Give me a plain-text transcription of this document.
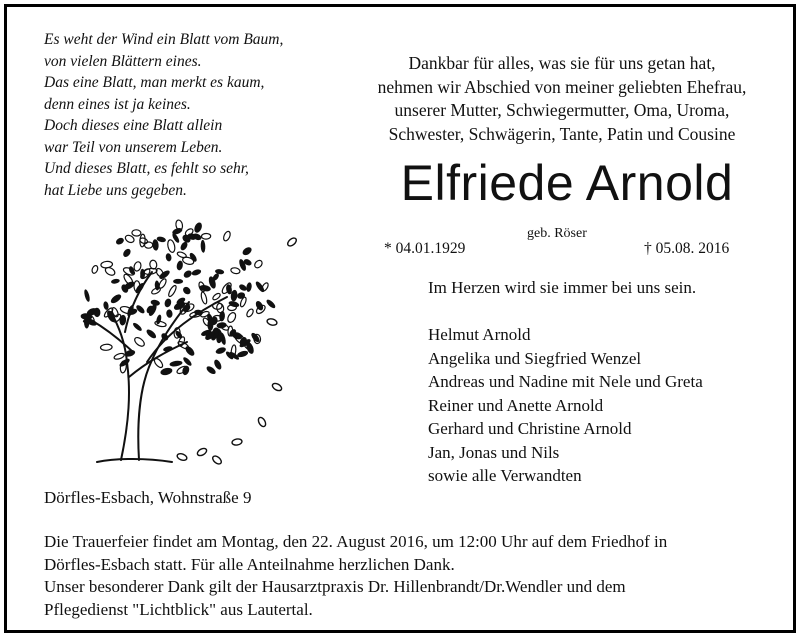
Es weht der Wind ein Blatt vom Baum,
von vielen Blättern eines.
Das eine Blatt, man merkt es kaum,
denn eines ist ja keines.
Doch dieses eine Blatt allein
war Teil von unserem Leben.
Und dieses Blatt, es fehlt so sehr,
hat Liebe uns gegeben.
Dörfles-Esbach, Wohnstraße 9
Dankbar für alles, was sie für uns getan hat,
nehmen wir Abschied von meiner geliebten Ehefrau,
unserer Mutter, Schwiegermutter, Oma, Uroma,
Schwester, Schwägerin, Tante, Patin und Cousine
Elfriede Arnold
geb. Röser
* 04.01.1929	† 05.08. 2016
Im Herzen wird sie immer bei uns sein.
Helmut Arnold
Angelika und Siegfried Wenzel
Andreas und Nadine mit Nele und Greta
Reiner und Anette Arnold
Gerhard und Christine Arnold
Jan, Jonas und Nils
sowie alle Verwandten
Die Trauerfeier findet am Montag, den 22. August 2016, um 12:00 Uhr auf dem Friedhof in
Dörfles-Esbach statt. Für alle Anteilnahme herzlichen Dank.
Unser besonderer Dank gilt der Hausarztpraxis Dr. Hillenbrandt/Dr.Wendler und dem
Pflegedienst "Lichtblick" aus Lautertal.
